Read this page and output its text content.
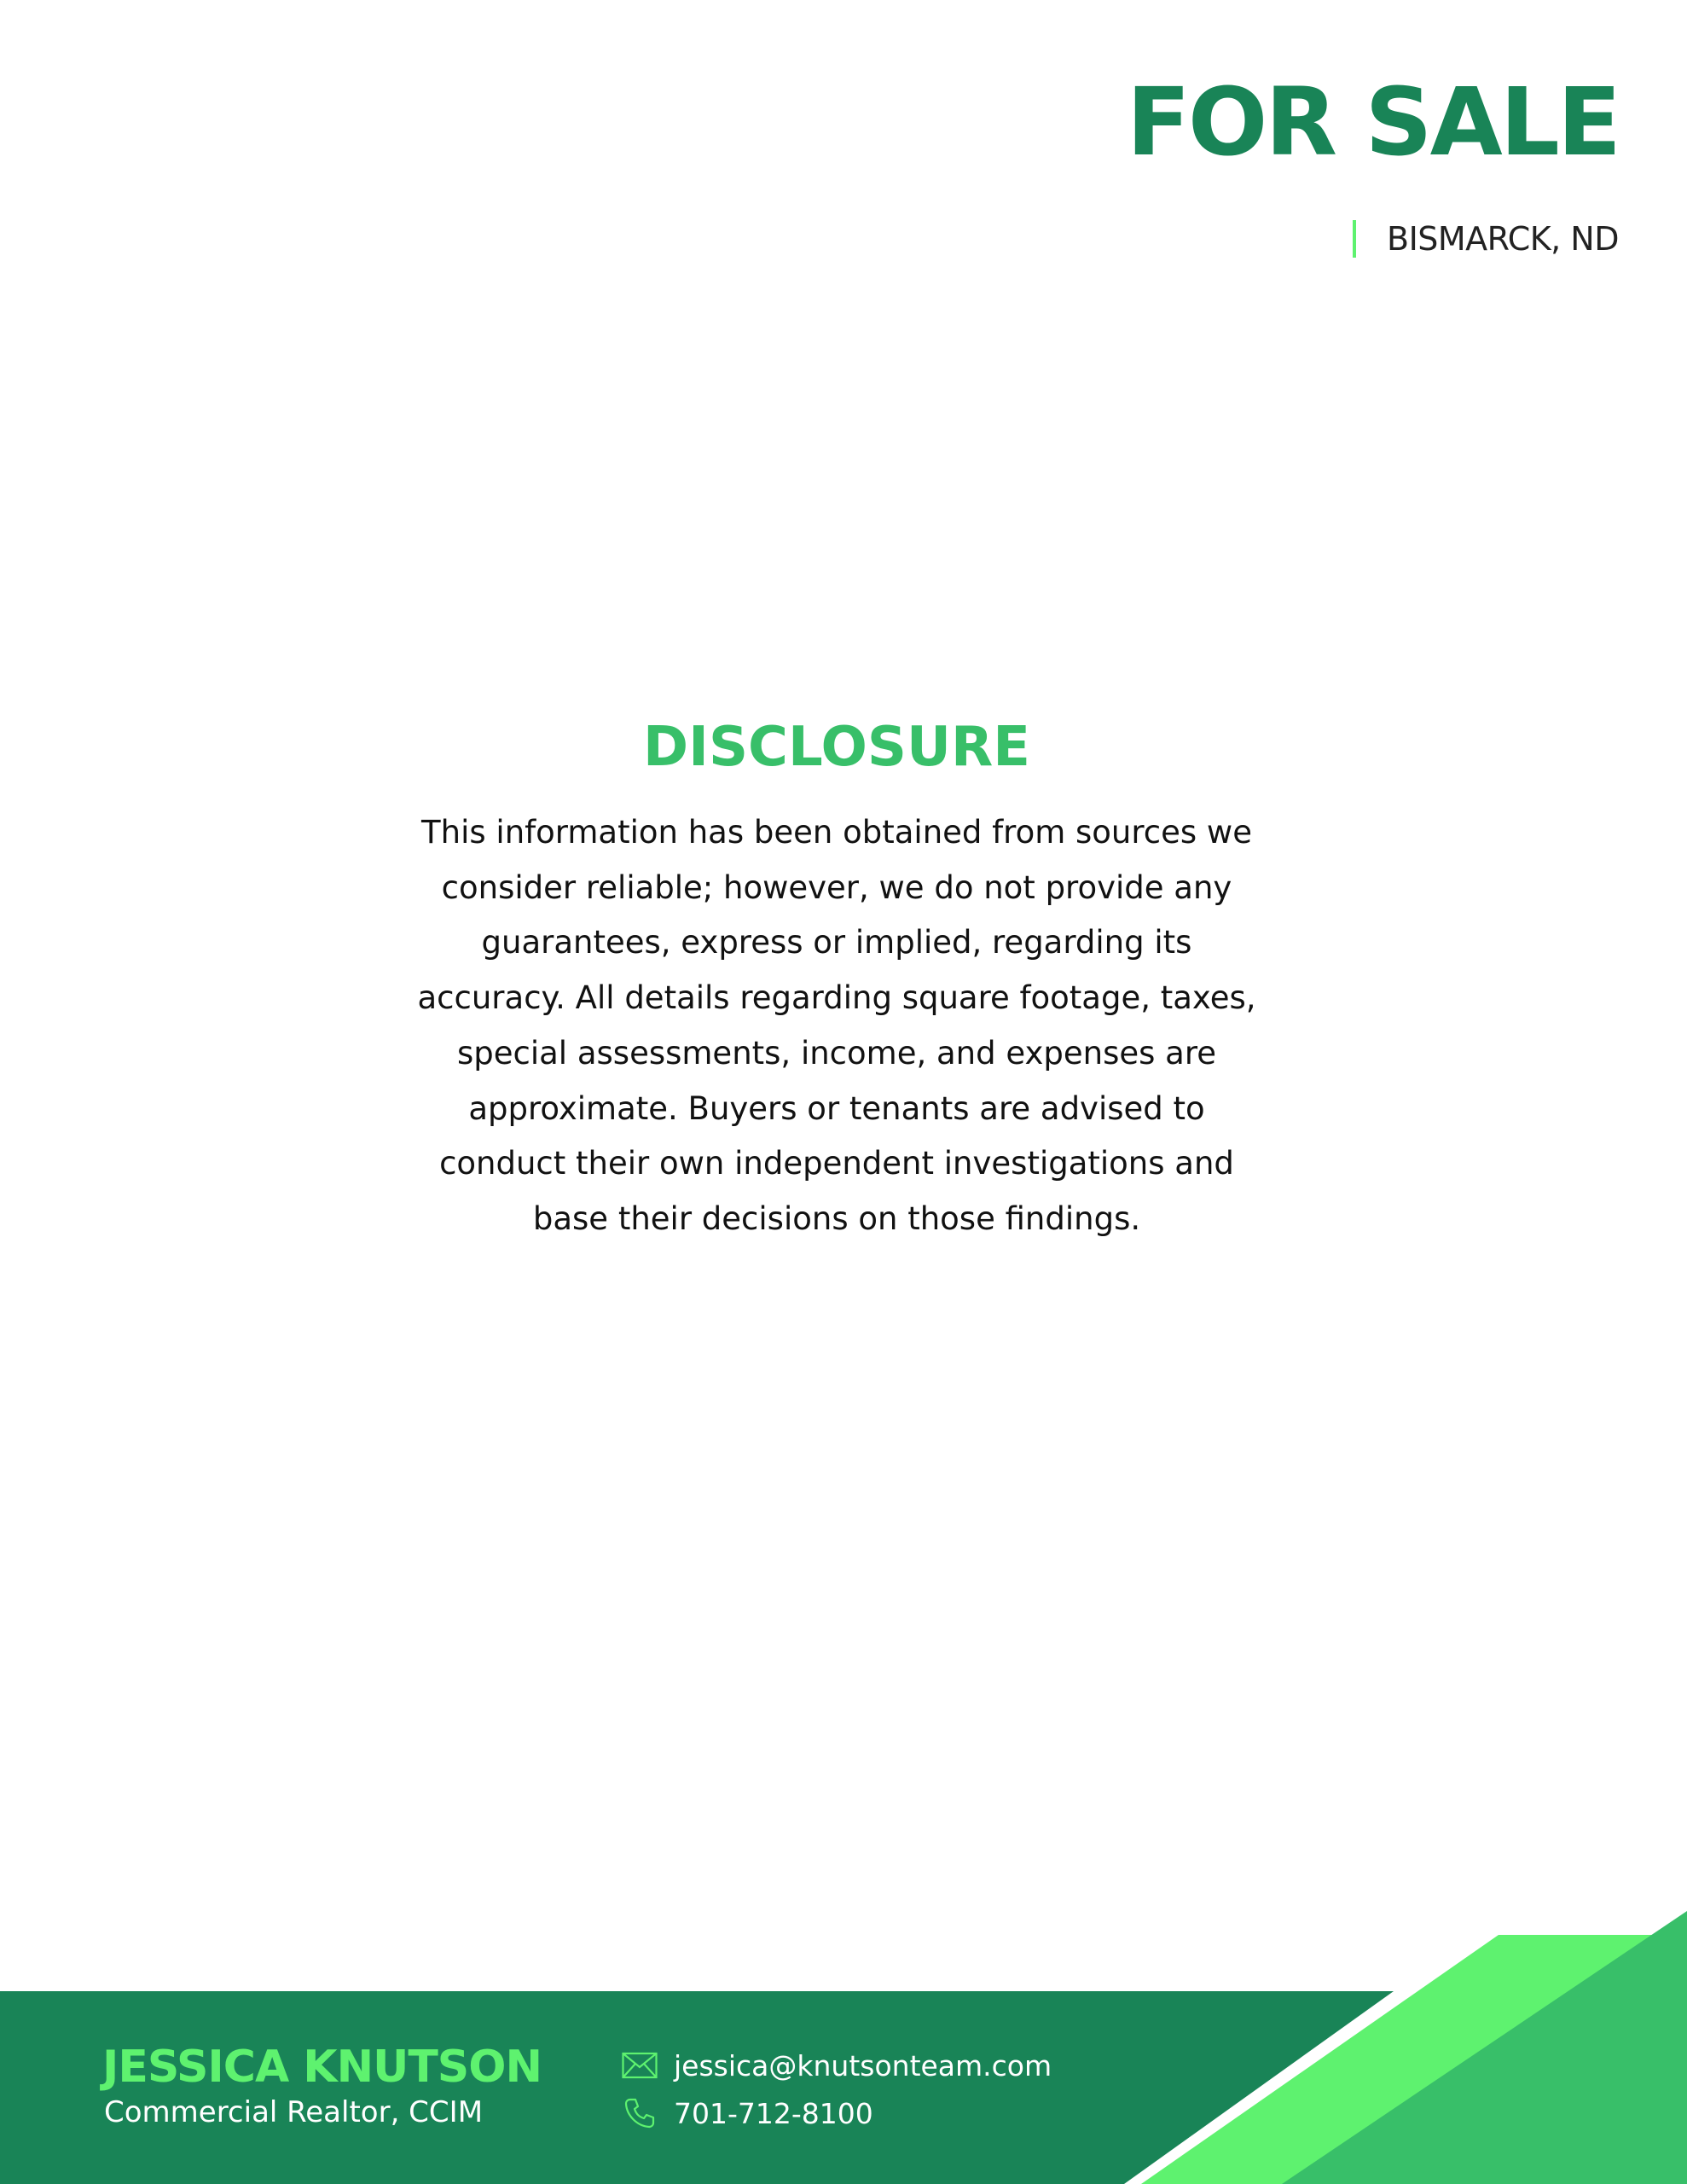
FOR SALE
BISMARCK, ND
DISCLOSURE

This information has been obtained from sources we consider reliable; however, we do not provide any guarantees, express or implied, regarding its accuracy. All details regarding square footage, taxes, special assessments, income, and expenses are approximate. Buyers or tenants are advised to conduct their own independent investigations and base their decisions on those findings.

JESSICA KNUTSON

Commercial Realtor, CCIM

jessica@knutsonteam.com
701-712-8100
